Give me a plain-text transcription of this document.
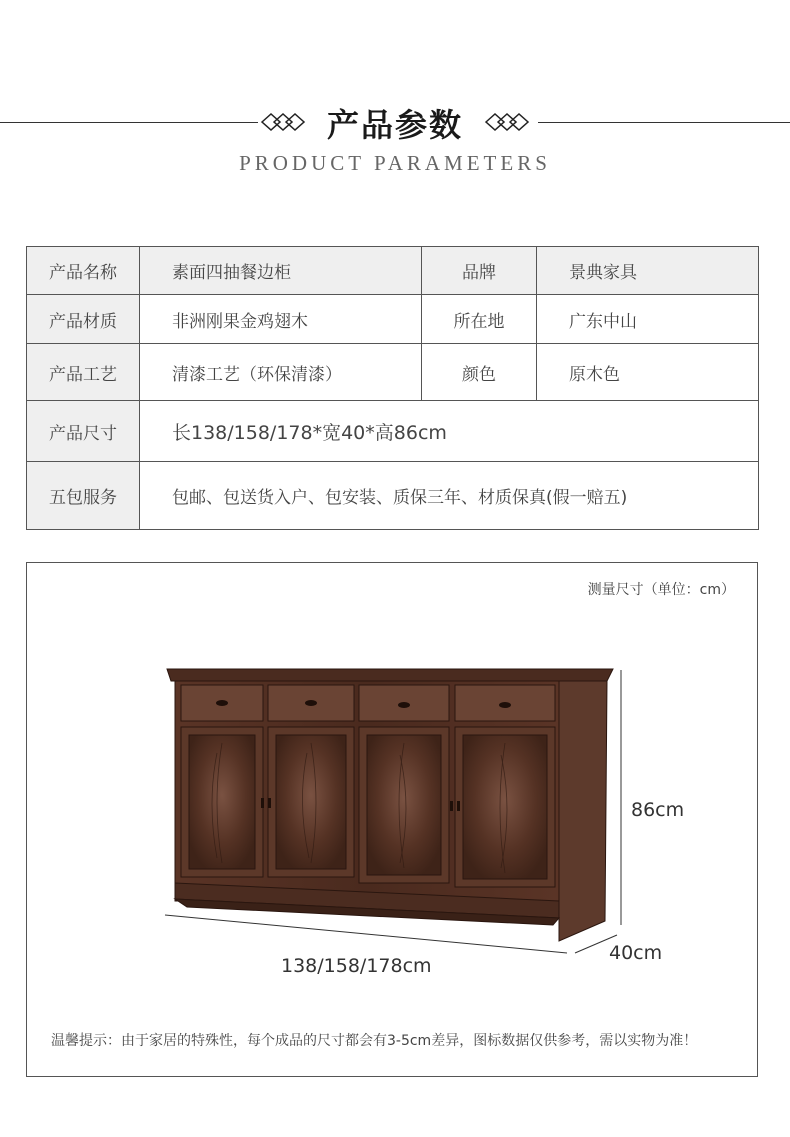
产品参数
PRODUCT PARAMETERS
产品名称	素面四抽餐边柜	品牌	景典家具
产品材质	非洲刚果金鸡翅木	所在地	广东中山
产品工艺	清漆工艺（环保清漆）	颜色	原木色
产品尺寸	长138/158/178*宽40*高86cm		
五包服务	包邮、包送货入户、包安装、质保三年、材质保真(假一赔五)		
测量尺寸（单位：cm）
86cm
138/158/178cm
40cm
温馨提示：由于家居的特殊性，每个成品的尺寸都会有3-5cm差异，图标数据仅供参考，需以实物为准！
